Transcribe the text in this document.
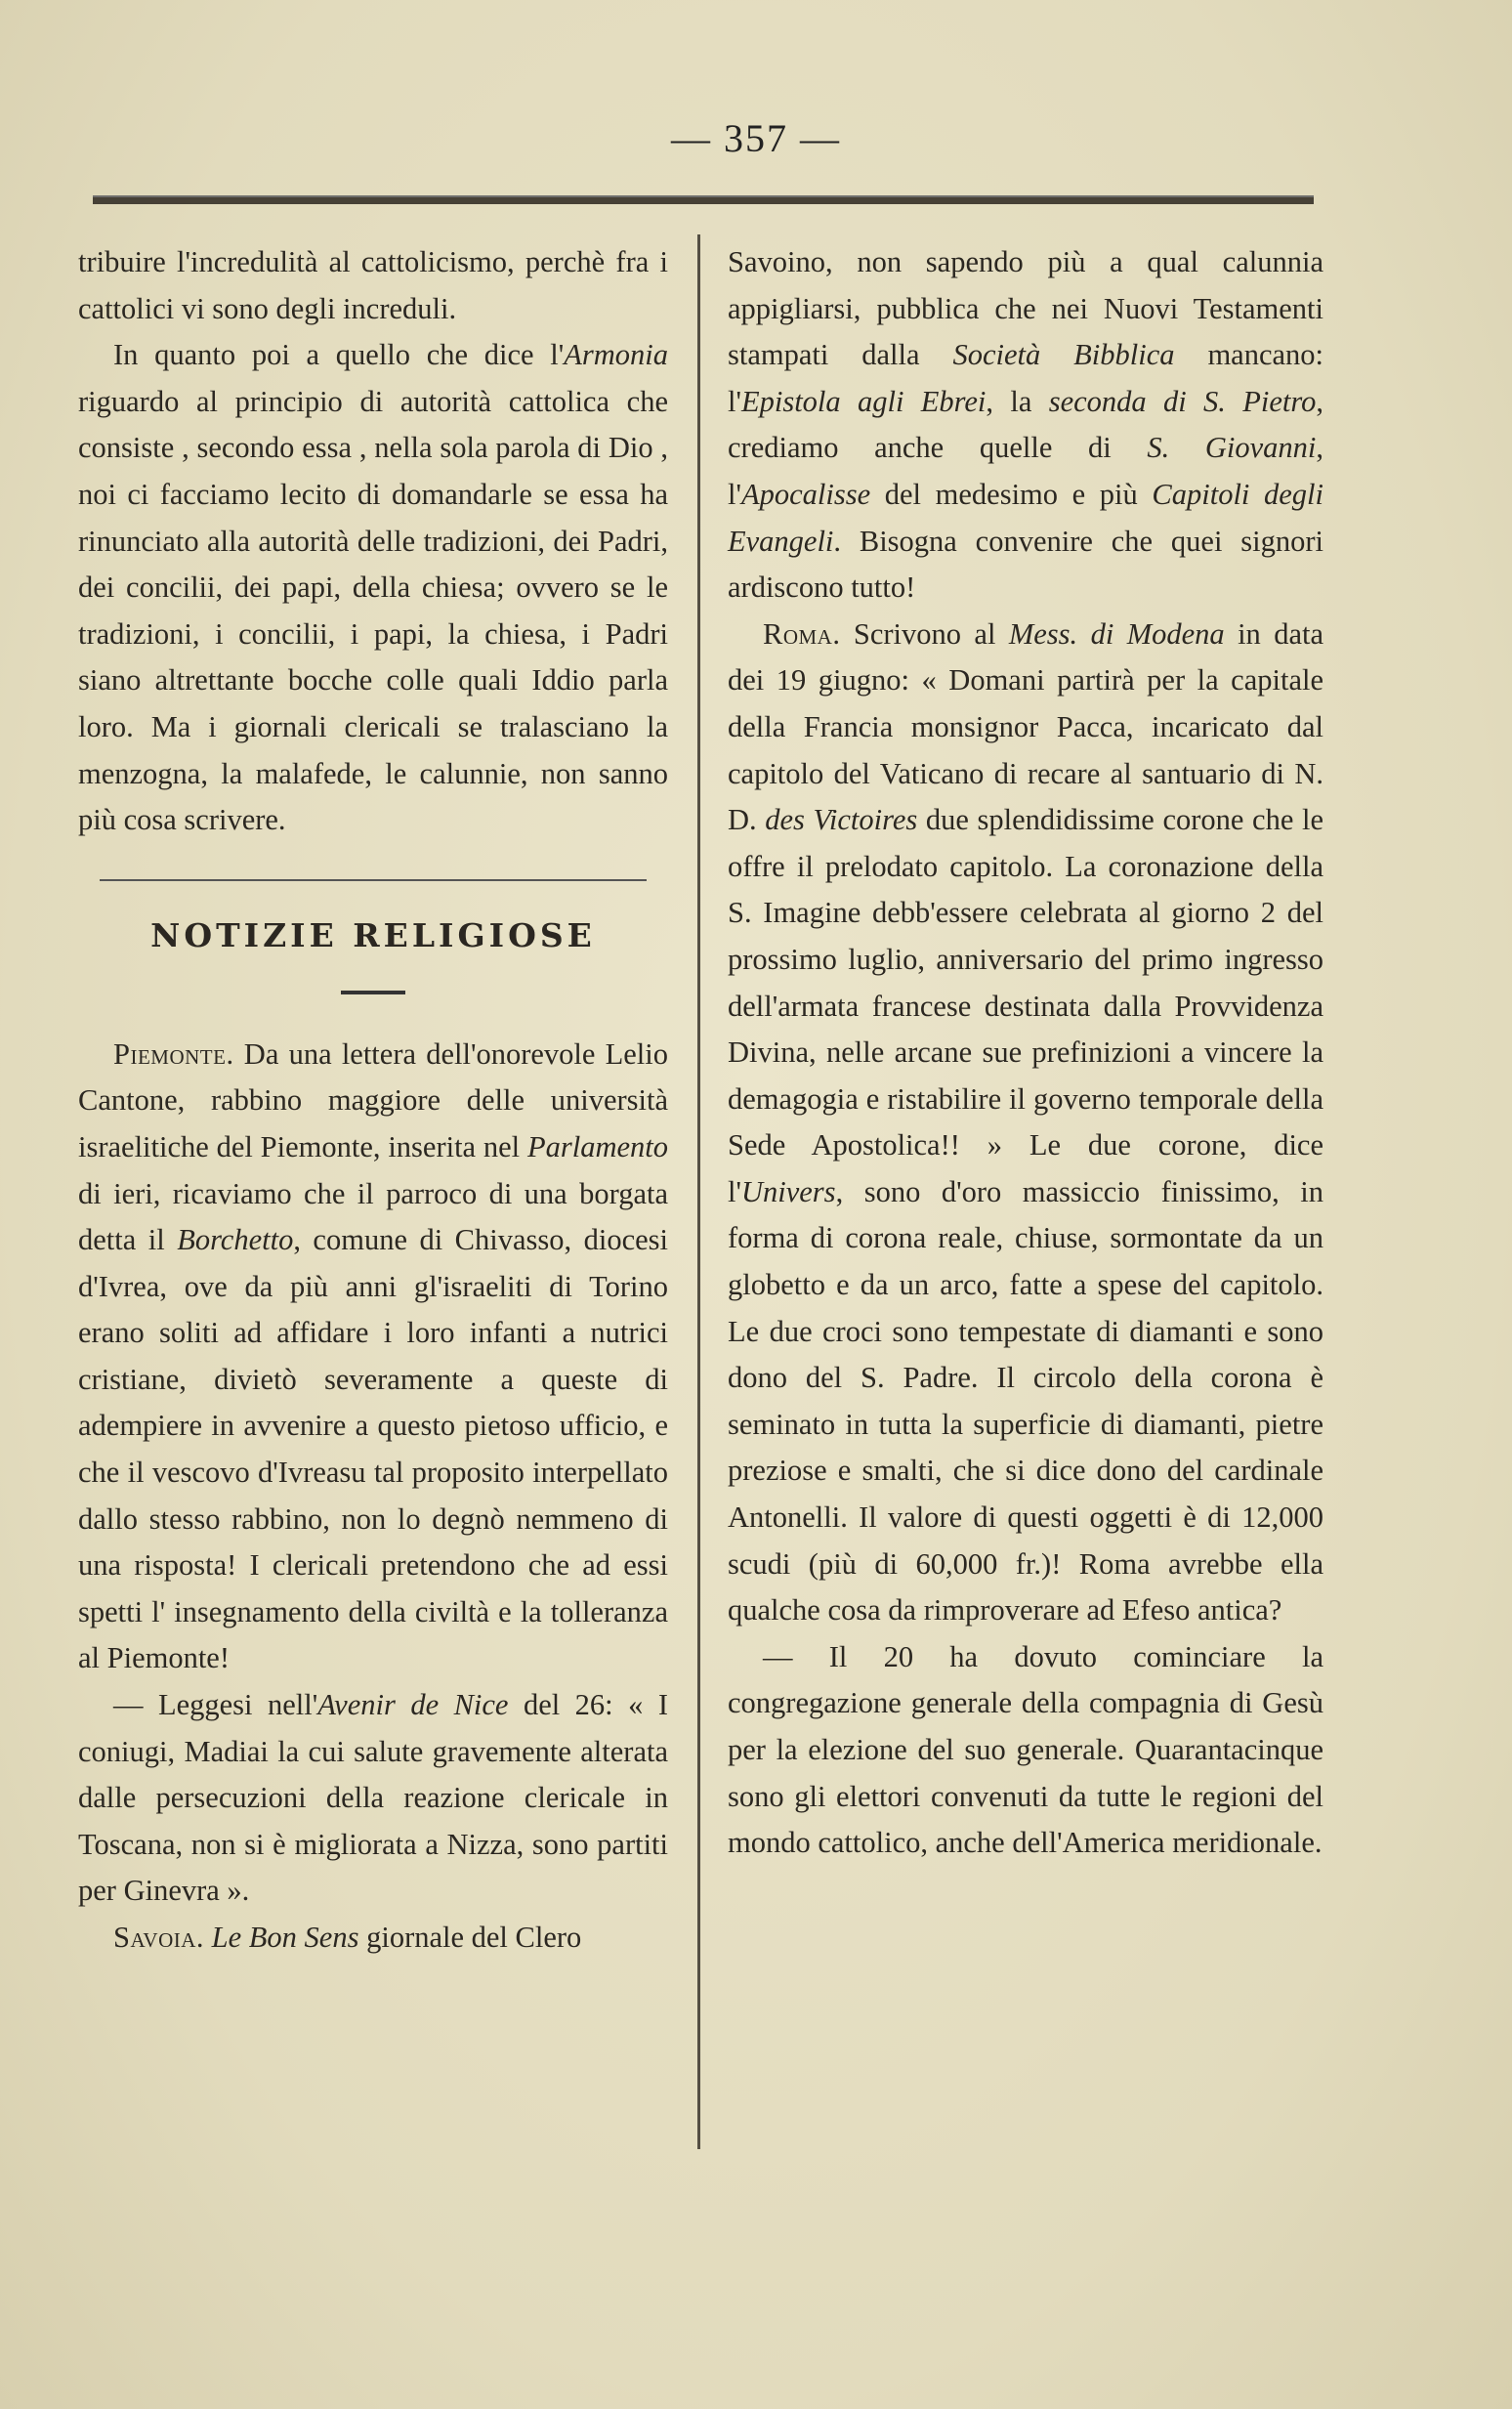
— 357 —

tribuire l'incredulità al cattolicismo, perchè fra i cattolici vi sono degli increduli.

In quanto poi a quello che dice l'Armonia riguardo al principio di autorità cattolica che consiste , secondo essa , nella sola parola di Dio , noi ci facciamo lecito di domandarle se essa ha rinunciato alla autorità delle tradizioni, dei Padri, dei concilii, dei papi, della chiesa; ovvero se le tradizioni, i concilii, i papi, la chiesa, i Padri siano altrettante bocche colle quali Iddio parla loro. Ma i giornali clericali se tralasciano la menzogna, la malafede, le calunnie, non sanno più cosa scrivere.

NOTIZIE RELIGIOSE

Piemonte. Da una lettera dell'onorevole Lelio Cantone, rabbino maggiore delle università israelitiche del Piemonte, inserita nel Parlamento di ieri, ricaviamo che il parroco di una borgata detta il Borchetto, comune di Chivasso, diocesi d'Ivrea, ove da più anni gl'israeliti di Torino erano soliti ad affidare i loro infanti a nutrici cristiane, divietò severamente a queste di adempiere in avvenire a questo pietoso ufficio, e che il vescovo d'Ivreasu tal proposito interpellato dallo stesso rabbino, non lo degnò nemmeno di una risposta! I clericali pretendono che ad essi spetti l' insegnamento della civiltà e la tolleranza al Piemonte!

— Leggesi nell'Avenir de Nice del 26: « I coniugi, Madiai la cui salute gravemente alterata dalle persecuzioni della reazione clericale in Toscana, non si è migliorata a Nizza, sono partiti per Ginevra ».

Savoia. Le Bon Sens giornale del Clero

Savoino, non sapendo più a qual calunnia appigliarsi, pubblica che nei Nuovi Testamenti stampati dalla Società Bibblica mancano: l'Epistola agli Ebrei, la seconda di S. Pietro, crediamo anche quelle di S. Giovanni, l'Apocalisse del medesimo e più Capitoli degli Evangeli. Bisogna convenire che quei signori ardiscono tutto!

Roma. Scrivono al Mess. di Modena in data dei 19 giugno: « Domani partirà per la capitale della Francia monsignor Pacca, incaricato dal capitolo del Vaticano di recare al santuario di N. D. des Victoires due splendidissime corone che le offre il prelodato capitolo. La coronazione della S. Imagine debb'essere celebrata al giorno 2 del prossimo luglio, anniversario del primo ingresso dell'armata francese destinata dalla Provvidenza Divina, nelle arcane sue prefinizioni a vincere la demagogia e ristabilire il governo temporale della Sede Apostolica!! » Le due corone, dice l'Univers, sono d'oro massiccio finissimo, in forma di corona reale, chiuse, sormontate da un globetto e da un arco, fatte a spese del capitolo. Le due croci sono tempestate di diamanti e sono dono del S. Padre. Il circolo della corona è seminato in tutta la superficie di diamanti, pietre preziose e smalti, che si dice dono del cardinale Antonelli. Il valore di questi oggetti è di 12,000 scudi (più di 60,000 fr.)! Roma avrebbe ella qualche cosa da rimproverare ad Efeso antica?

— Il 20 ha dovuto cominciare la congregazione generale della compagnia di Gesù per la elezione del suo generale. Quarantacinque sono gli elettori convenuti da tutte le regioni del mondo cattolico, anche dell'America meridionale.
